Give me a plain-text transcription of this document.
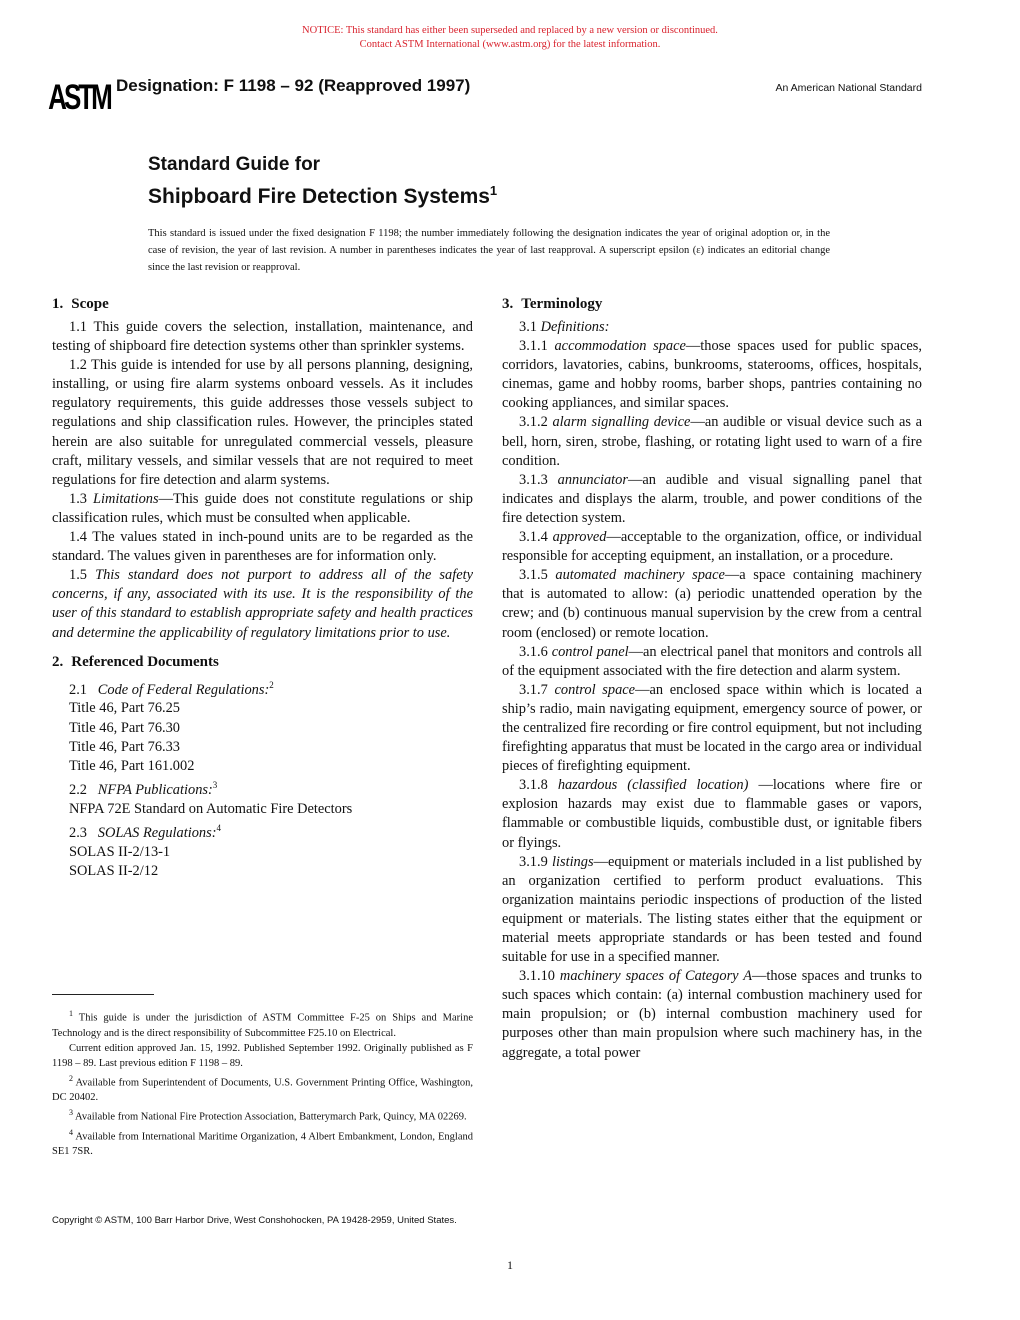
NOTICE: This standard has either been superseded and replaced by a new version or discontinued.
Contact ASTM International (www.astm.org) for the latest information.
ASTM Designation: F 1198 – 92 (Reapproved 1997)	An American National Standard
Standard Guide for
Shipboard Fire Detection Systems$^1$
This standard is issued under the fixed designation F 1198; the number immediately following the designation indicates the year of original adoption or, in the case of revision, the year of last revision. A number in parentheses indicates the year of last reapproval. A superscript epsilon (ε) indicates an editorial change since the last revision or reapproval.
1. Scope

1.1 This guide covers the selection, installation, maintenance, and testing of shipboard fire detection systems other than sprinkler systems.

1.2 This guide is intended for use by all persons planning, designing, installing, or using fire alarm systems onboard vessels. As it includes regulatory requirements, this guide addresses those vessels subject to regulations and ship classification rules. However, the principles stated herein are also suitable for unregulated commercial vessels, pleasure craft, military vessels, and similar vessels that are not required to meet regulations for fire detection and alarm systems.

1.3 Limitations—This guide does not constitute regulations or ship classification rules, which must be consulted when applicable.

1.4 The values stated in inch-pound units are to be regarded as the standard. The values given in parentheses are for information only.

1.5 This standard does not purport to address all of the safety concerns, if any, associated with its use. It is the responsibility of the user of this standard to establish appropriate safety and health practices and determine the applicability of regulatory limitations prior to use.

2. Referenced Documents
2.1 Code of Federal Regulations:$^2$
Title 46, Part 76.25
Title 46, Part 76.30
Title 46, Part 76.33
Title 46, Part 161.002
2.2 NFPA Publications:$^3$
NFPA 72E Standard on Automatic Fire Detectors
2.3 SOLAS Regulations:$^4$
SOLAS II-2/13-1
SOLAS II-2/12

$^1$ This guide is under the jurisdiction of ASTM Committee F-25 on Ships and Marine Technology and is the direct responsibility of Subcommittee F25.10 on Electrical.

Current edition approved Jan. 15, 1992. Published September 1992. Originally published as F 1198 – 89. Last previous edition F 1198 – 89.

$^2$ Available from Superintendent of Documents, U.S. Government Printing Office, Washington, DC 20402.

$^3$ Available from National Fire Protection Association, Batterymarch Park, Quincy, MA 02269.

$^4$ Available from International Maritime Organization, 4 Albert Embankment, London, England SE1 7SR.

3. Terminology

3.1 Definitions:

3.1.1 accommodation space—those spaces used for public spaces, corridors, lavatories, cabins, bunkrooms, staterooms, offices, hospitals, cinemas, game and hobby rooms, barber shops, pantries containing no cooking appliances, and similar spaces.

3.1.2 alarm signalling device—an audible or visual device such as a bell, horn, siren, strobe, flashing, or rotating light used to warn of a fire condition.

3.1.3 annunciator—an audible and visual signalling panel that indicates and displays the alarm, trouble, and power conditions of the fire detection system.

3.1.4 approved—acceptable to the organization, office, or individual responsible for accepting equipment, an installation, or a procedure.

3.1.5 automated machinery space—a space containing machinery that is automated to allow: (a) periodic unattended operation by the crew; and (b) continuous manual supervision by the crew from a central room (enclosed) or remote location.

3.1.6 control panel—an electrical panel that monitors and controls all of the equipment associated with the fire detection and alarm system.

3.1.7 control space—an enclosed space within which is located a ship’s radio, main navigating equipment, emergency source of power, or the centralized fire recording or fire control equipment, but not including firefighting apparatus that must be located in the cargo area or individual pieces of firefighting equipment.

3.1.8 hazardous (classified location) —locations where fire or explosion hazards may exist due to flammable gases or vapors, flammable or combustible liquids, combustible dust, or ignitable fibers or flyings.

3.1.9 listings—equipment or materials included in a list published by an organization certified to perform product evaluations. This organization maintains periodic inspections of production of the listed equipment or materials. The listing states either that the equipment or material meets appropriate standards or has been tested and found suitable for use in a specified manner.

3.1.10 machinery spaces of Category A—those spaces and trunks to such spaces which contain: (a) internal combustion machinery used for main propulsion; or (b) internal combustion machinery used for purposes other than main propulsion where such machinery has, in the aggregate, a total power

Copyright © ASTM, 100 Barr Harbor Drive, West Conshohocken, PA 19428-2959, United States.
1
